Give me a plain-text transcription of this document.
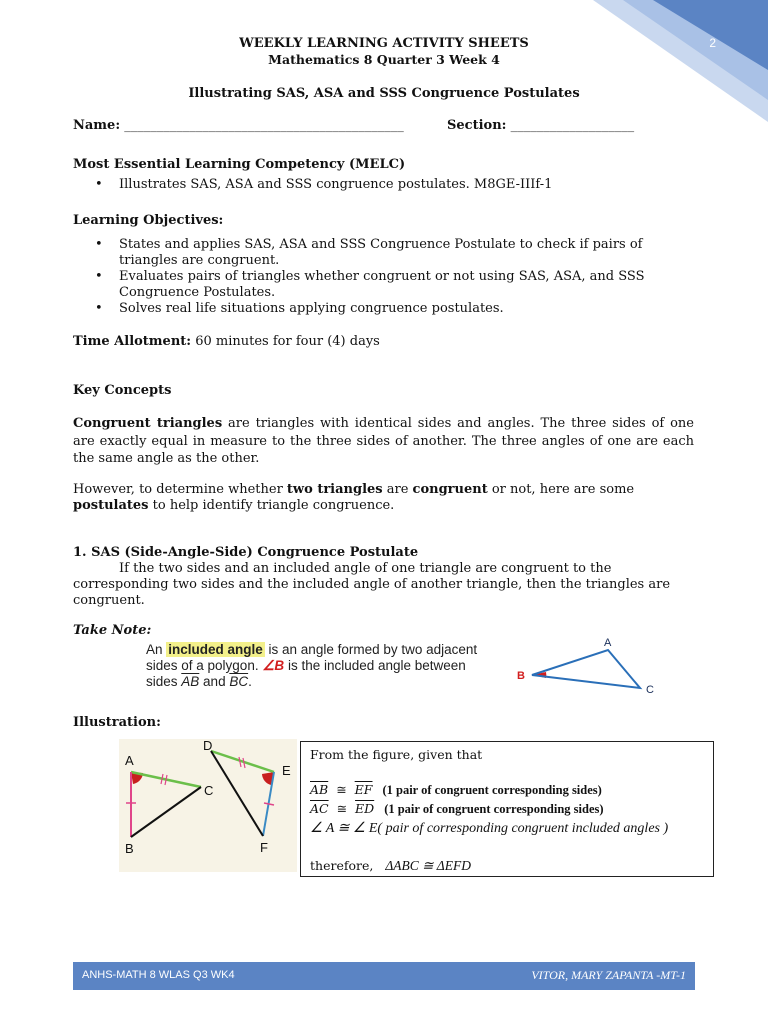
2
WEEKLY LEARNING ACTIVITY SHEETS
Mathematics 8 Quarter 3 Week 4
Illustrating SAS, ASA and SSS Congruence Postulates
Name: ___________________________________________	Section: ___________________
Most Essential Learning Competency (MELC)
• Illustrates SAS, ASA and SSS congruence postulates. M8GE-IIIf-1
Learning Objectives:
• States and applies SAS, ASA and SSS Congruence Postulate to check if pairs of triangles are congruent.
• Evaluates pairs of triangles whether congruent or not using SAS, ASA, and SSS Congruence Postulates.
• Solves real life situations applying congruence postulates.
Time Allotment: 60 minutes for four (4) days
Key Concepts
Congruent triangles are triangles with identical sides and angles. The three sides of one are exactly equal in measure to the three sides of another. The three angles of one are each the same angle as the other.
However, to determine whether two triangles are congruent or not, here are some postulates to help identify triangle congruence.
1. SAS (Side-Angle-Side) Congruence Postulate
If the two sides and an included angle of one triangle are congruent to the corresponding two sides and the included angle of another triangle, then the triangles are congruent.
Take Note:
An included angle is an angle formed by two adjacent sides of a polygon. ∠B is the included angle between sides $\overline{AB}$ and $\overline{BC}$.
A
B
C
Illustration:
A
B
C
D
E
F
From the figure, given that
$\overline{AB}$ ≅ $\overline{EF}$ (1 pair of congruent corresponding sides)
$\overline{AC}$ ≅ $\overline{ED}$ (1 pair of congruent corresponding sides)
∠ A ≅ ∠ E( pair of corresponding congruent included angles )
therefore, ΔABC ≅ ΔEFD
ANHS-MATH 8 WLAS Q3 WK4	VITOR, MARY ZAPANTA -MT-1
